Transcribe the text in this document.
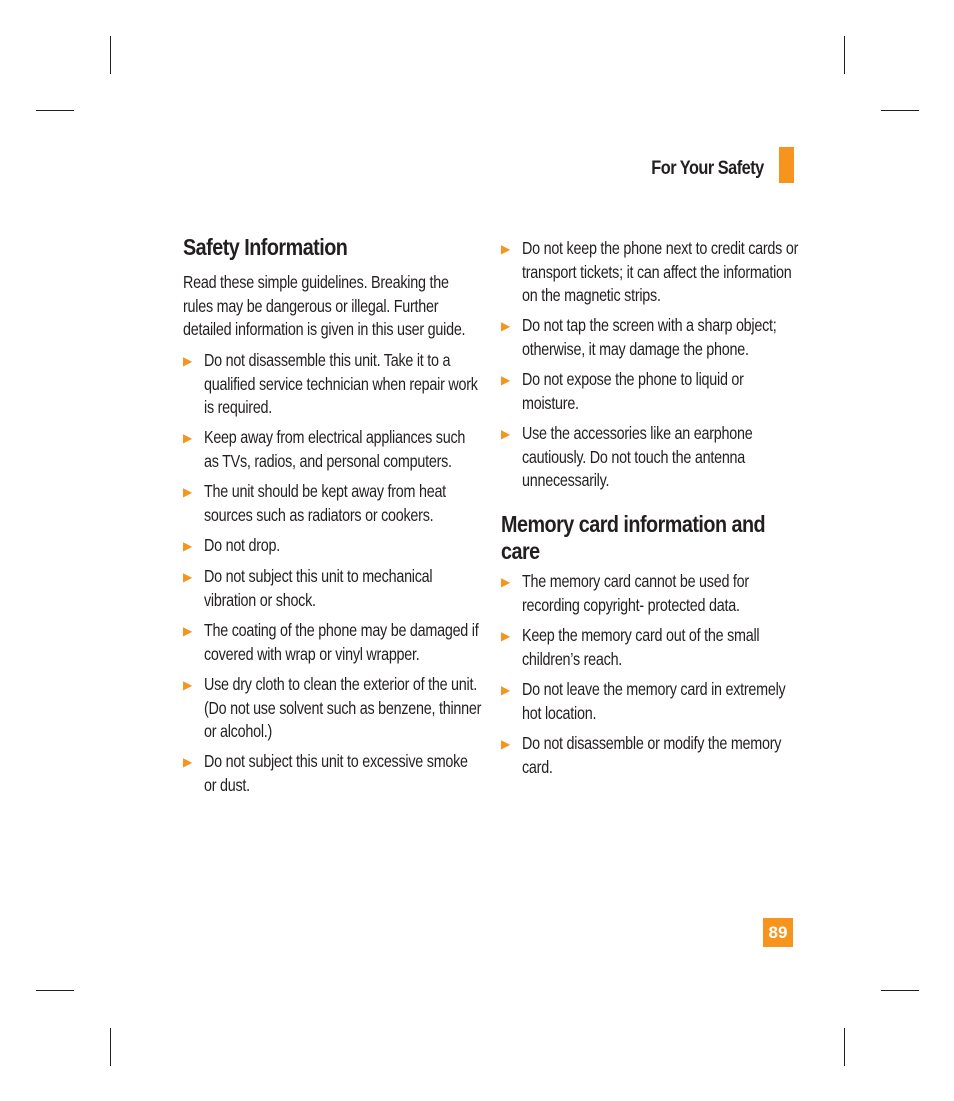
For Your Safety
Safety Information

Read these simple guidelines. Breaking the rules may be dangerous or illegal. Further detailed information is given in this user guide.

▶ Do not disassemble this unit. Take it to a qualified service technician when repair work is required.
▶ Keep away from electrical appliances such as TVs, radios, and personal computers.
▶ The unit should be kept away from heat sources such as radiators or cookers.
▶ Do not drop.
▶ Do not subject this unit to mechanical vibration or shock.
▶ The coating of the phone may be damaged if covered with wrap or vinyl wrapper.
▶ Use dry cloth to clean the exterior of the unit. (Do not use solvent such as benzene, thinner or alcohol.)
▶ Do not subject this unit to excessive smoke or dust.
▶ Do not keep the phone next to credit cards or transport tickets; it can affect the information on the magnetic strips.
▶ Do not tap the screen with a sharp object; otherwise, it may damage the phone.
▶ Do not expose the phone to liquid or moisture.
▶ Use the accessories like an earphone cautiously. Do not touch the antenna unnecessarily.
Memory card information and care
▶ The memory card cannot be used for recording copyright- protected data.
▶ Keep the memory card out of the small children’s reach.
▶ Do not leave the memory card in extremely hot location.
▶ Do not disassemble or modify the memory card.
89
